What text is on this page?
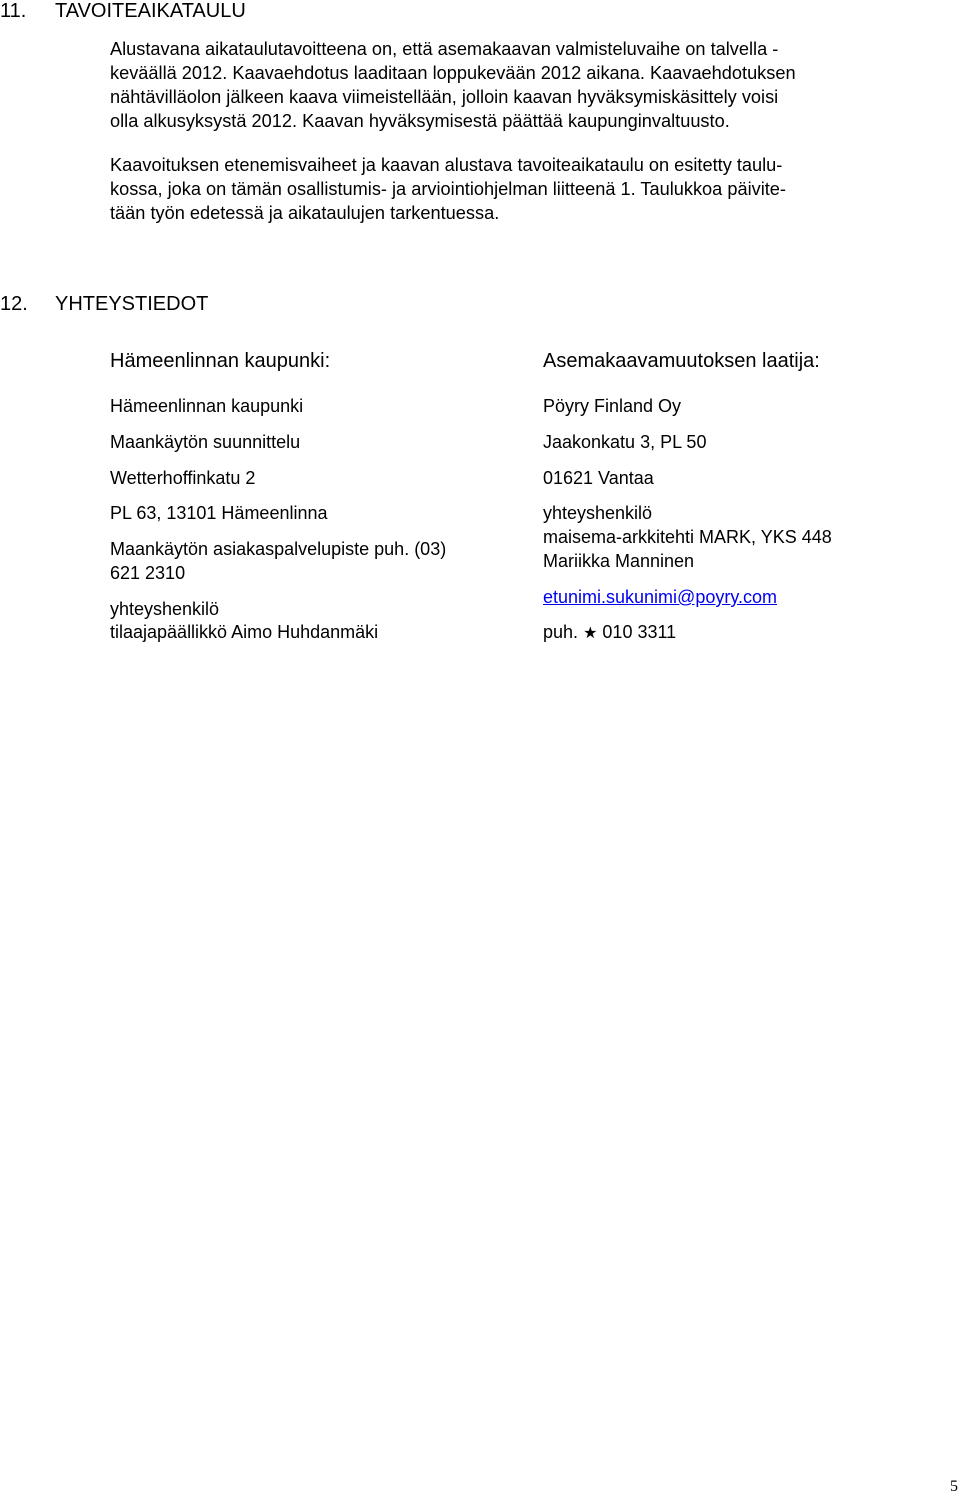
11. TAVOITEAIKATAULU

Alustavana aikataulutavoitteena on, että asemakaavan valmisteluvaihe on talvella -
keväällä 2012. Kaavaehdotus laaditaan loppukevään 2012 aikana. Kaavaehdotuksen
nähtävilläolon jälkeen kaava viimeistellään, jolloin kaavan hyväksymiskäsittely voisi
olla alkusyksystä 2012. Kaavan hyväksymisestä päättää kaupunginvaltuusto.

Kaavoituksen etenemisvaiheet ja kaavan alustava tavoiteaikataulu on esitetty taulu-
kossa, joka on tämän osallistumis- ja arviointiohjelman liitteenä 1. Taulukkoa päivite-
tään työn edetessä ja aikataulujen tarkentuessa.

12. YHTEYSTIEDOT
Hämeenlinnan kaupunki:
Hämeenlinnan kaupunki
Maankäytön suunnittelu
Wetterhoffinkatu 2
PL 63, 13101 Hämeenlinna
Maankäytön asiakaspalvelupiste puh. (03)
621 2310
yhteyshenkilö
tilaajapäällikkö Aimo Huhdanmäki
Asemakaavamuutoksen laatija:
Pöyry Finland Oy
Jaakonkatu 3, PL 50
01621 Vantaa
yhteyshenkilö
maisema-arkkitehti MARK, YKS 448
Mariikka Manninen
etunimi.sukunimi@poyry.com
puh. ★ 010 3311
5
